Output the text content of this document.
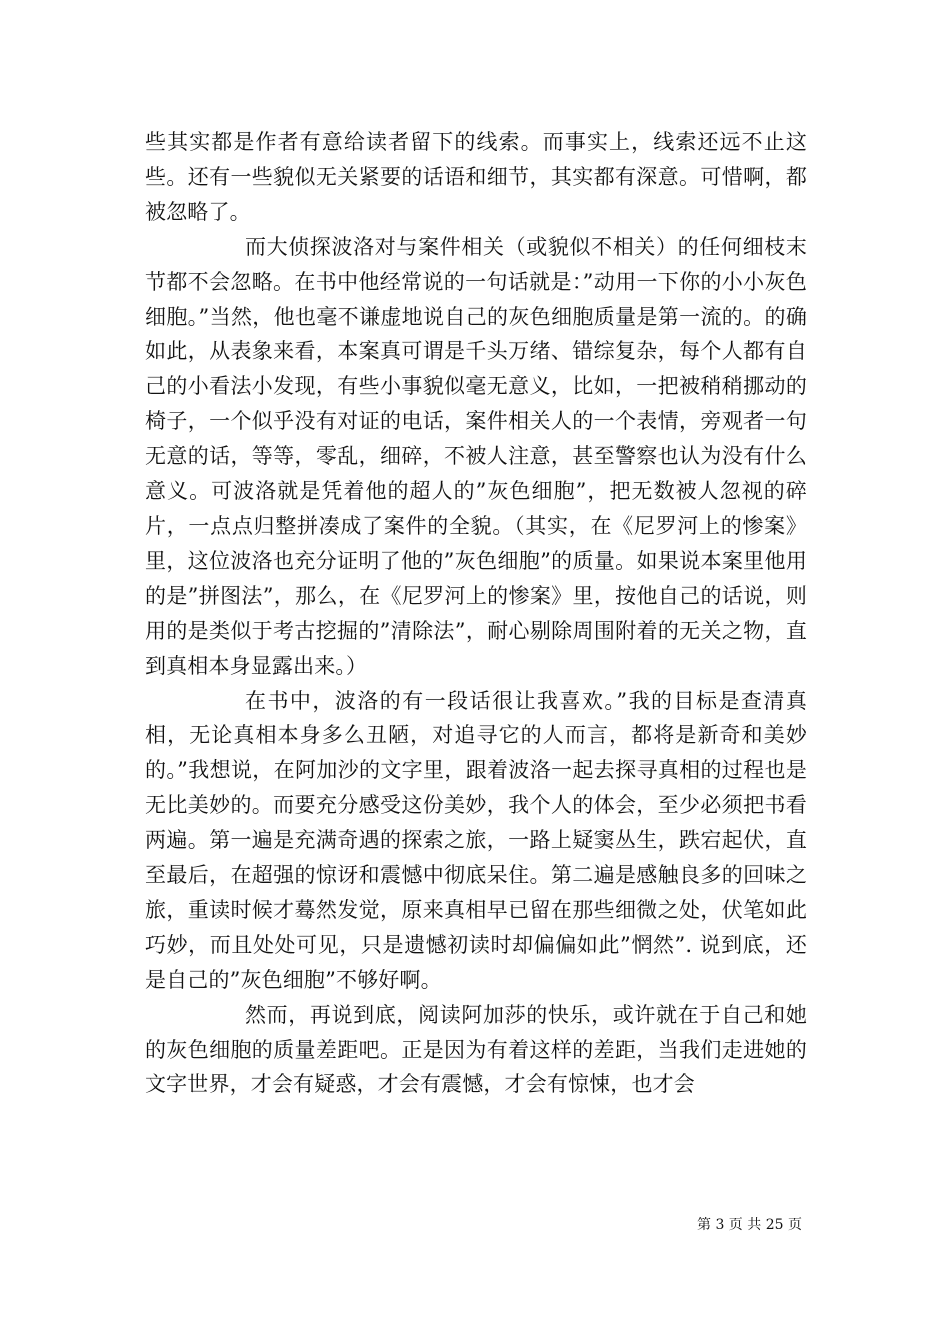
些其实都是作者有意给读者留下的线索。而事实上，线索还远不止这些。还有一些貌似无关紧要的话语和细节，其实都有深意。可惜啊，都被忽略了。

而大侦探波洛对与案件相关（或貌似不相关）的任何细枝末节都不会忽略。在书中他经常说的一句话就是：”动用一下你的小小灰色细胞。”当然，他也毫不谦虚地说自己的灰色细胞质量是第一流的。的确如此，从表象来看，本案真可谓是千头万绪、错综复杂，每个人都有自己的小看法小发现，有些小事貌似毫无意义，比如，一把被稍稍挪动的椅子，一个似乎没有对证的电话，案件相关人的一个表情，旁观者一句无意的话，等等，零乱，细碎，不被人注意，甚至警察也认为没有什么意义。可波洛就是凭着他的超人的”灰色细胞”，把无数被人忽视的碎片，一点点归整拼凑成了案件的全貌。（其实，在《尼罗河上的惨案》里，这位波洛也充分证明了他的”灰色细胞”的质量。如果说本案里他用的是”拼图法”，那么，在《尼罗河上的惨案》里，按他自己的话说，则用的是类似于考古挖掘的”清除法”，耐心剔除周围附着的无关之物，直到真相本身显露出来。）

在书中，波洛的有一段话很让我喜欢。”我的目标是查清真相，无论真相本身多么丑陋，对追寻它的人而言，都将是新奇和美妙的。”我想说，在阿加沙的文字里，跟着波洛一起去探寻真相的过程也是无比美妙的。而要充分感受这份美妙，我个人的体会，至少必须把书看两遍。第一遍是充满奇遇的探索之旅，一路上疑窦丛生，跌宕起伏，直至最后，在超强的惊讶和震憾中彻底呆住。第二遍是感触良多的回味之旅，重读时候才蓦然发觉，原来真相早已留在那些细微之处，伏笔如此巧妙，而且处处可见，只是遗憾初读时却偏偏如此”惘然”. 说到底，还是自己的”灰色细胞”不够好啊。

然而，再说到底，阅读阿加莎的快乐，或许就在于自己和她的灰色细胞的质量差距吧。正是因为有着这样的差距，当我们走进她的文字世界，才会有疑惑，才会有震憾，才会有惊悚，也才会

第 3 页 共 25 页
